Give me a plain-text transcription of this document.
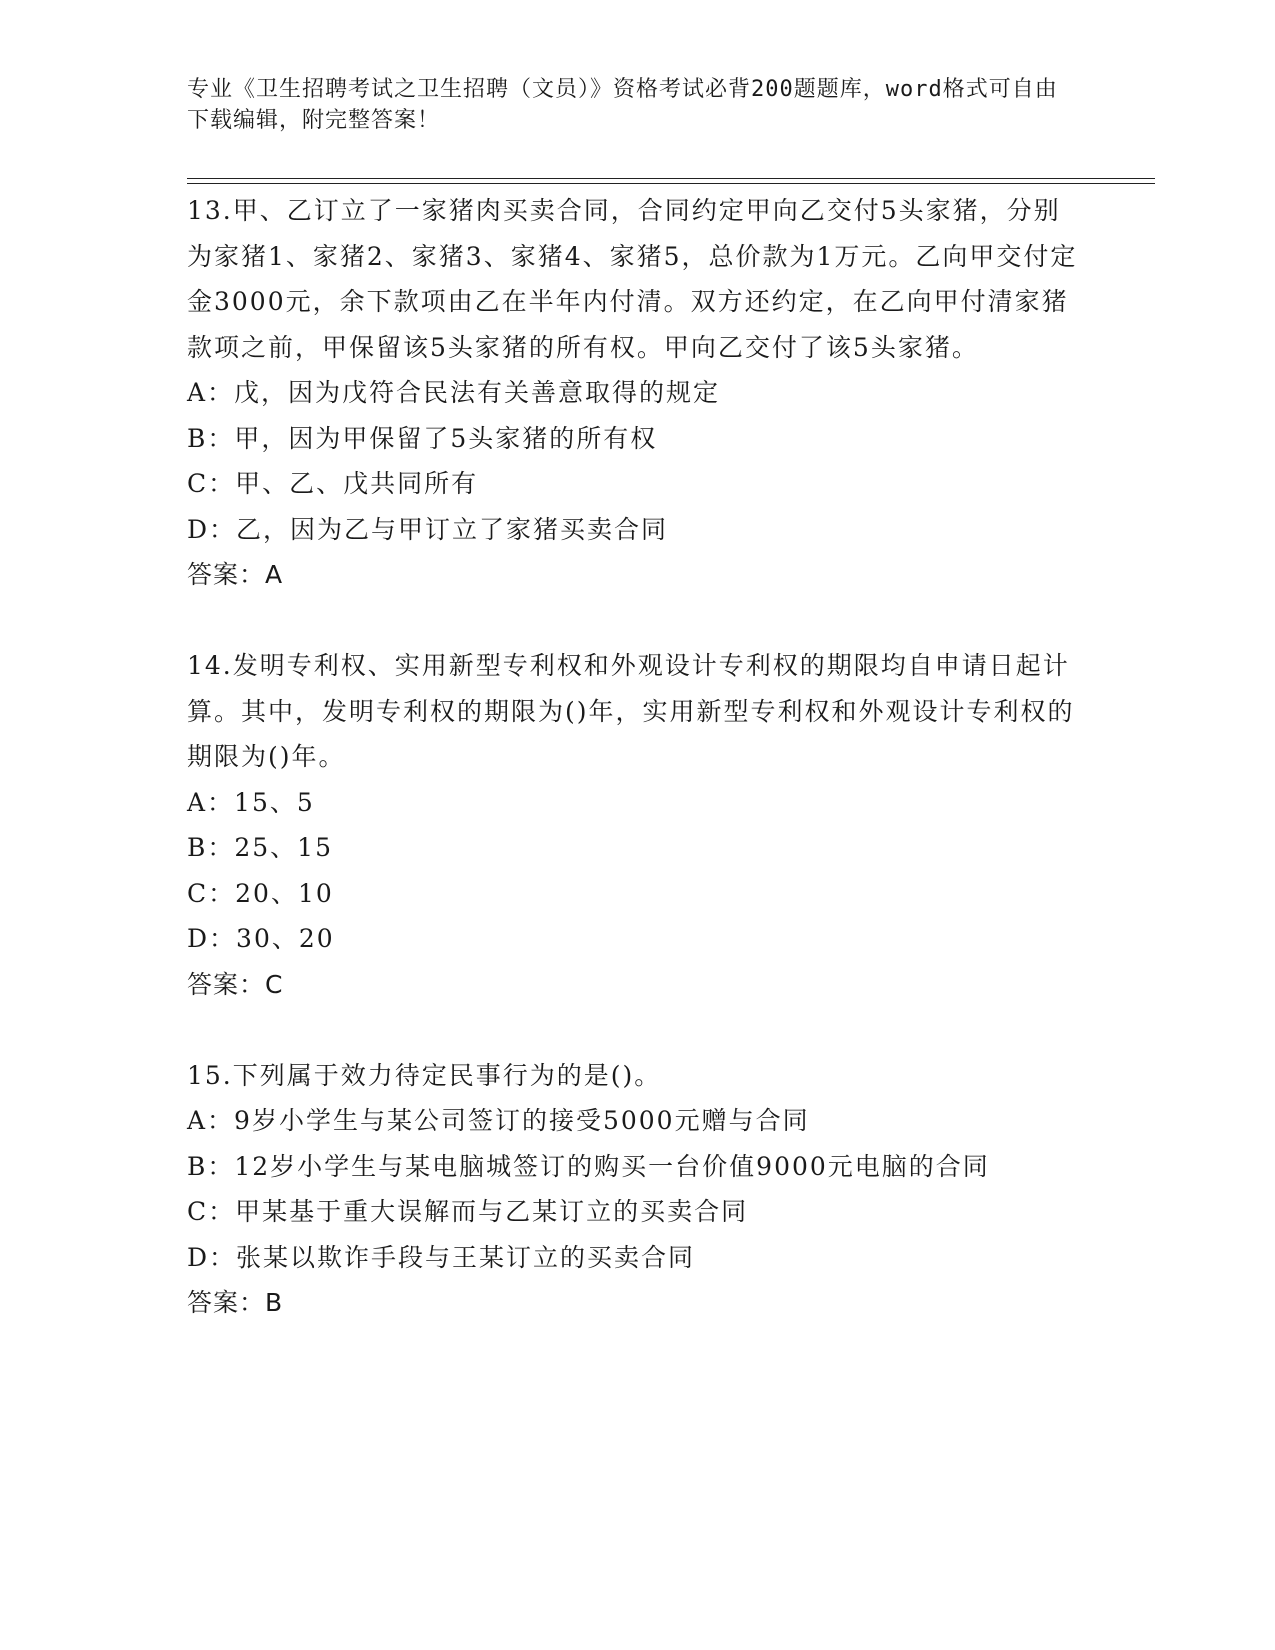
专业《卫生招聘考试之卫生招聘（文员）》资格考试必背200题题库，word格式可自由下载编辑，附完整答案！

13.甲、乙订立了一家猪肉买卖合同，合同约定甲向乙交付5头家猪，分别为家猪1、家猪2、家猪3、家猪4、家猪5，总价款为1万元。乙向甲交付定金3000元，余下款项由乙在半年内付清。双方还约定，在乙向甲付清家猪款项之前，甲保留该5头家猪的所有权。甲向乙交付了该5头家猪。

A：戊，因为戊符合民法有关善意取得的规定

B：甲，因为甲保留了5头家猪的所有权

C：甲、乙、戊共同所有

D：乙，因为乙与甲订立了家猪买卖合同

答案：A

14.发明专利权、实用新型专利权和外观设计专利权的期限均自申请日起计算。其中，发明专利权的期限为()年，实用新型专利权和外观设计专利权的期限为()年。

A：15、5

B：25、15

C：20、10

D：30、20

答案：C

15.下列属于效力待定民事行为的是()。

A：9岁小学生与某公司签订的接受5000元赠与合同

B：12岁小学生与某电脑城签订的购买一台价值9000元电脑的合同

C：甲某基于重大误解而与乙某订立的买卖合同

D：张某以欺诈手段与王某订立的买卖合同

答案：B
